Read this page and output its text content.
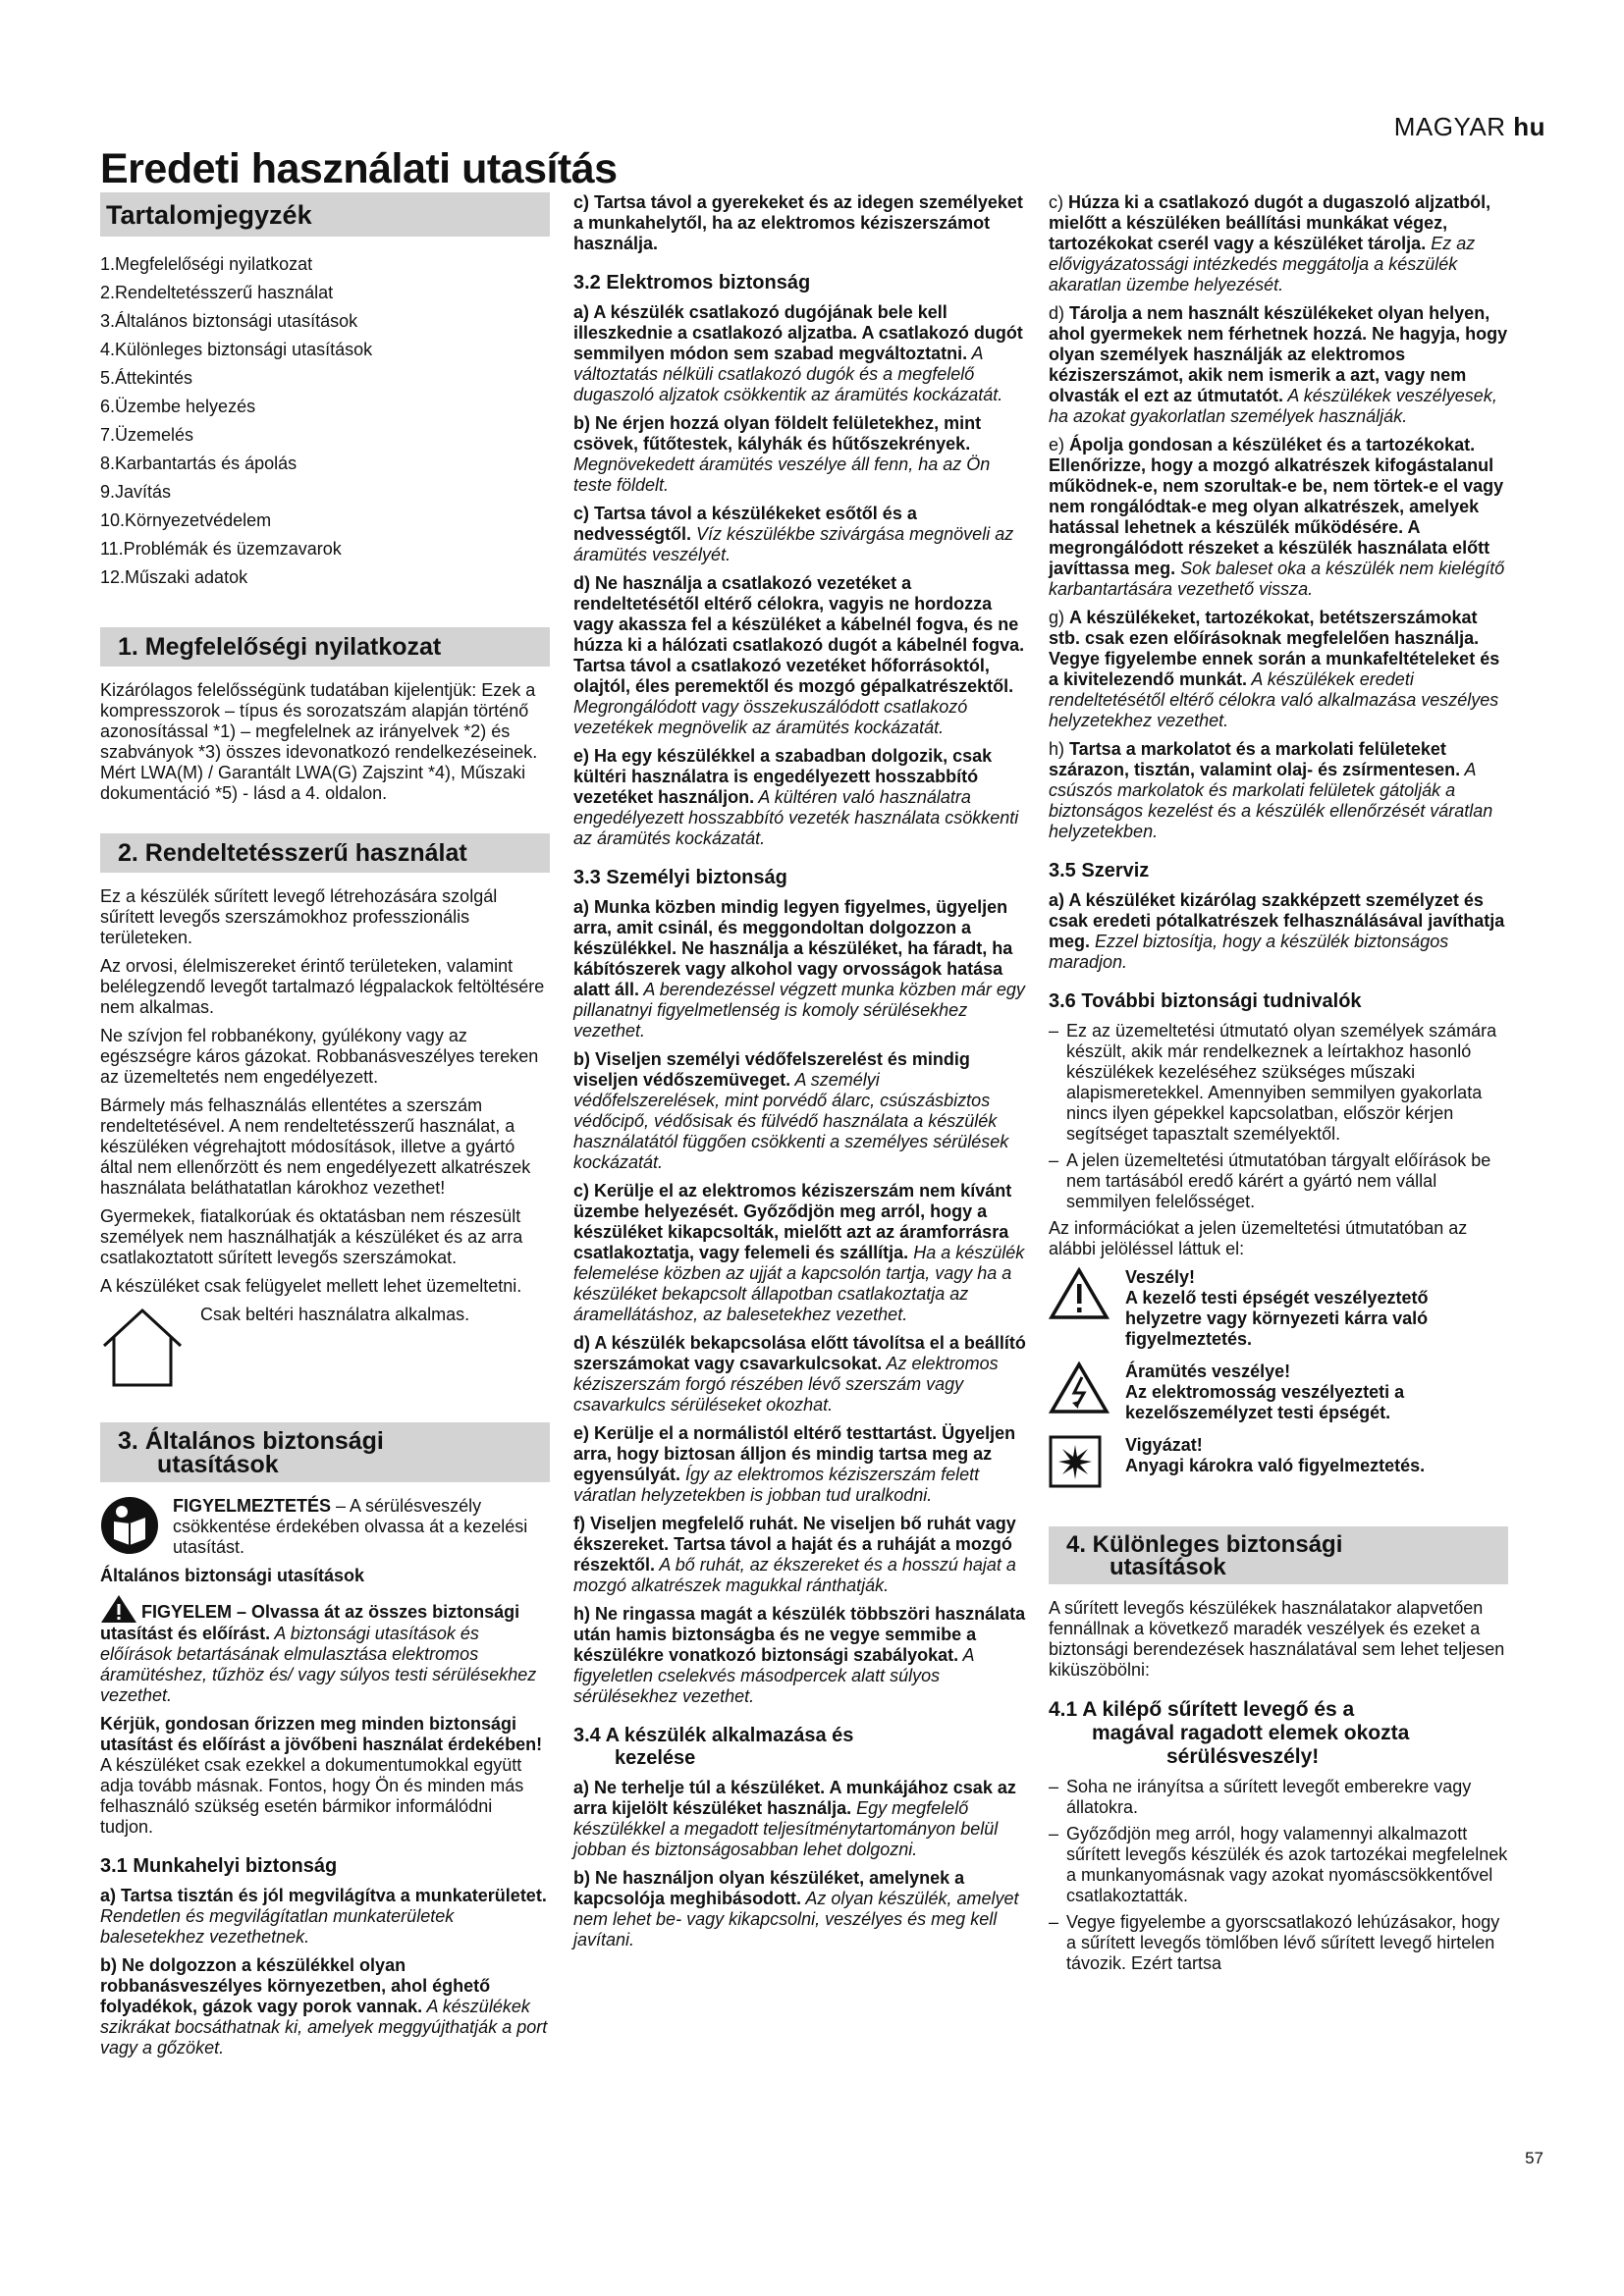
MAGYAR hu
Eredeti használati utasítás
Tartalomjegyzék
1.Megfelelőségi nyilatkozat
2.Rendeltetésszerű használat
3.Általános biztonsági utasítások
4.Különleges biztonsági utasítások
5.Áttekintés
6.Üzembe helyezés
7.Üzemelés
8.Karbantartás és ápolás
9.Javítás
10.Környezetvédelem
11.Problémák és üzemzavarok
12.Műszaki adatok
1. Megfelelőségi nyilatkozat

Kizárólagos felelősségünk tudatában kijelentjük: Ezek a kompresszorok – típus és sorozatszám alapján történő azonosítással *1) – megfelelnek az irányelvek *2) és szabványok *3) összes idevonatkozó rendelkezéseinek. Mért LWA(M) / Garantált LWA(G) Zajszint *4), Műszaki dokumentáció *5) - lásd a 4. oldalon.

2. Rendeltetésszerű használat

Ez a készülék sűrített levegő létrehozására szolgál sűrített levegős szerszámokhoz professzionális területeken.

Az orvosi, élelmiszereket érintő területeken, valamint belélegzendő levegőt tartalmazó légpalackok feltöltésére nem alkalmas.

Ne szívjon fel robbanékony, gyúlékony vagy az egészségre káros gázokat. Robbanásveszélyes tereken az üzemeltetés nem engedélyezett.

Bármely más felhasználás ellentétes a szerszám rendeltetésével. A nem rendeltetésszerű használat, a készüléken végrehajtott módosítások, illetve a gyártó által nem ellenőrzött és nem engedélyezett alkatrészek használata beláthatatlan károkhoz vezethet!

Gyermekek, fiatalkorúak és oktatásban nem részesült személyek nem használhatják a készüléket és az arra csatlakoztatott sűrített levegős szerszámokat.

A készüléket csak felügyelet mellett lehet üzemeltetni.

Csak beltéri használatra alkalmas.
3. Általános biztonsági
utasítások

FIGYELMEZTETÉS – A sérülésveszély csökkentése érdekében olvassa át a kezelési utasítást.

Általános biztonsági utasítások

FIGYELEM – Olvassa át az összes biztonsági utasítást és előírást. A biztonsági utasítások és előírások betartásának elmulasztása elektromos áramütéshez, tűzhöz és/ vagy súlyos testi sérülésekhez vezethet.

Kérjük, gondosan őrizzen meg minden biztonsági utasítást és előírást a jövőbeni használat érdekében! A készüléket csak ezekkel a dokumentumokkal együtt adja tovább másnak. Fontos, hogy Ön és minden más felhasználó szükség esetén bármikor informálódni tudjon.

3.1 Munkahelyi biztonság

a) Tartsa tisztán és jól megvilágítva a munkaterületet. Rendetlen és megvilágítatlan munkaterületek balesetekhez vezethetnek.

b) Ne dolgozzon a készülékkel olyan robbanásveszélyes környezetben, ahol éghető folyadékok, gázok vagy porok vannak. A készülékek szikrákat bocsáthatnak ki, amelyek meggyújthatják a port vagy a gőzöket.

c) Tartsa távol a gyerekeket és az idegen személyeket a munkahelytől, ha az elektromos kéziszerszámot használja.

3.2 Elektromos biztonság

a) A készülék csatlakozó dugójának bele kell illeszkednie a csatlakozó aljzatba. A csatlakozó dugót semmilyen módon sem szabad megváltoztatni. A változtatás nélküli csatlakozó dugók és a megfelelő dugaszoló aljzatok csökkentik az áramütés kockázatát.

b) Ne érjen hozzá olyan földelt felületekhez, mint csövek, fűtőtestek, kályhák és hűtőszekrények. Megnövekedett áramütés veszélye áll fenn, ha az Ön teste földelt.

c) Tartsa távol a készülékeket esőtől és a nedvességtől. Víz készülékbe szivárgása megnöveli az áramütés veszélyét.

d) Ne használja a csatlakozó vezetéket a rendeltetésétől eltérő célokra, vagyis ne hordozza vagy akassza fel a készüléket a kábelnél fogva, és ne húzza ki a hálózati csatlakozó dugót a kábelnél fogva. Tartsa távol a csatlakozó vezetéket hőforrásoktól, olajtól, éles peremektől és mozgó gépalkatrészektől. Megrongálódott vagy összekuszálódott csatlakozó vezetékek megnövelik az áramütés kockázatát.

e) Ha egy készülékkel a szabadban dolgozik, csak kültéri használatra is engedélyezett hosszabbító vezetéket használjon. A kültéren való használatra engedélyezett hosszabbító vezeték használata csökkenti az áramütés kockázatát.

3.3 Személyi biztonság

a) Munka közben mindig legyen figyelmes, ügyeljen arra, amit csinál, és meggondoltan dolgozzon a készülékkel. Ne használja a készüléket, ha fáradt, ha kábítószerek vagy alkohol vagy orvosságok hatása alatt áll. A berendezéssel végzett munka közben már egy pillanatnyi figyelmetlenség is komoly sérülésekhez vezethet.

b) Viseljen személyi védőfelszerelést és mindig viseljen védőszemüveget. A személyi védőfelszerelések, mint porvédő álarc, csúszásbiztos védőcipő, védősisak és fülvédő használata a készülék használatától függően csökkenti a személyes sérülések kockázatát.

c) Kerülje el az elektromos kéziszerszám nem kívánt üzembe helyezését. Győződjön meg arról, hogy a készüléket kikapcsolták, mielőtt azt az áramforrásra csatlakoztatja, vagy felemeli és szállítja. Ha a készülék felemelése közben az ujját a kapcsolón tartja, vagy ha a készüléket bekapcsolt állapotban csatlakoztatja az áramellátáshoz, az balesetekhez vezethet.

d) A készülék bekapcsolása előtt távolítsa el a beállító szerszámokat vagy csavarkulcsokat. Az elektromos kéziszerszám forgó részében lévő szerszám vagy csavarkulcs sérüléseket okozhat.

e) Kerülje el a normálistól eltérő testtartást. Ügyeljen arra, hogy biztosan álljon és mindig tartsa meg az egyensúlyát. Így az elektromos kéziszerszám felett váratlan helyzetekben is jobban tud uralkodni.

f) Viseljen megfelelő ruhát. Ne viseljen bő ruhát vagy ékszereket. Tartsa távol a haját és a ruháját a mozgó részektől. A bő ruhát, az ékszereket és a hosszú hajat a mozgó alkatrészek magukkal ránthatják.

h) Ne ringassa magát a készülék többszöri használata után hamis biztonságba és ne vegye semmibe a készülékre vonatkozó biztonsági szabályokat. A figyeletlen cselekvés másodpercek alatt súlyos sérülésekhez vezethet.

3.4 A készülék alkalmazása és
kezelése

a) Ne terhelje túl a készüléket. A munkájához csak az arra kijelölt készüléket használja. Egy megfelelő készülékkel a megadott teljesítménytartományon belül jobban és biztonságosabban lehet dolgozni.

b) Ne használjon olyan készüléket, amelynek a kapcsolója meghibásodott. Az olyan készülék, amelyet nem lehet be- vagy kikapcsolni, veszélyes és meg kell javítani.

c) Húzza ki a csatlakozó dugót a dugaszoló aljzatból, mielőtt a készüléken beállítási munkákat végez, tartozékokat cserél vagy a készüléket tárolja. Ez az elővigyázatossági intézkedés meggátolja a készülék akaratlan üzembe helyezését.

d) Tárolja a nem használt készülékeket olyan helyen, ahol gyermekek nem férhetnek hozzá. Ne hagyja, hogy olyan személyek használják az elektromos kéziszerszámot, akik nem ismerik a azt, vagy nem olvasták el ezt az útmutatót. A készülékek veszélyesek, ha azokat gyakorlatlan személyek használják.

e) Ápolja gondosan a készüléket és a tartozékokat. Ellenőrizze, hogy a mozgó alkatrészek kifogástalanul működnek-e, nem szorultak-e be, nem törtek-e el vagy nem rongálódtak-e meg olyan alkatrészek, amelyek hatással lehetnek a készülék működésére. A megrongálódott részeket a készülék használata előtt javíttassa meg. Sok baleset oka a készülék nem kielégítő karbantartására vezethető vissza.

g) A készülékeket, tartozékokat, betétszerszámokat stb. csak ezen előírásoknak megfelelően használja. Vegye figyelembe ennek során a munkafeltételeket és a kivitelezendő munkát. A készülékek eredeti rendeltetésétől eltérő célokra való alkalmazása veszélyes helyzetekhez vezethet.

h) Tartsa a markolatot és a markolati felületeket szárazon, tisztán, valamint olaj- és zsírmentesen. A csúszós markolatok és markolati felületek gátolják a biztonságos kezelést és a készülék ellenőrzését váratlan helyzetekben.

3.5 Szerviz

a) A készüléket kizárólag szakképzett személyzet és csak eredeti pótalkatrészek felhasználásával javíthatja meg. Ezzel biztosítja, hogy a készülék biztonságos maradjon.

3.6 További biztonsági tudnivalók
– Ez az üzemeltetési útmutató olyan személyek számára készült, akik már rendelkeznek a leírtakhoz hasonló készülékek kezeléséhez szükséges műszaki alapismeretekkel. Amennyiben semmilyen gyakorlata nincs ilyen gépekkel kapcsolatban, először kérjen segítséget tapasztalt személyektől.
– A jelen üzemeltetési útmutatóban tárgyalt előírások be nem tartásából eredő kárért a gyártó nem vállal semmilyen felelősséget.

Az információkat a jelen üzemeltetési útmutatóban az alábbi jelöléssel láttuk el:

Veszély!
A kezelő testi épségét veszélyeztető helyzetre vagy környezeti kárra való figyelmeztetés.
Áramütés veszélye!
Az elektromosság veszélyezteti a kezelőszemélyzet testi épségét.
Vigyázat!
Anyagi károkra való figyelmeztetés.
4. Különleges biztonsági
utasítások

A sűrített levegős készülékek használatakor alapvetően fennállnak a következő maradék veszélyek és ezeket a biztonsági berendezések használatával sem lehet teljesen kiküszöbölni:

4.1 A kilépő sűrített levegő és a
magával ragadott elemek okozta
sérülésveszély!
– Soha ne irányítsa a sűrített levegőt emberekre vagy állatokra.
– Győződjön meg arról, hogy valamennyi alkalmazott sűrített levegős készülék és azok tartozékai megfelelnek a munkanyomásnak vagy azokat nyomáscsökkentővel csatlakoztatták.
– Vegye figyelembe a gyorscsatlakozó lehúzásakor, hogy a sűrített levegős tömlőben lévő sűrített levegő hirtelen távozik. Ezért tartsa
57
